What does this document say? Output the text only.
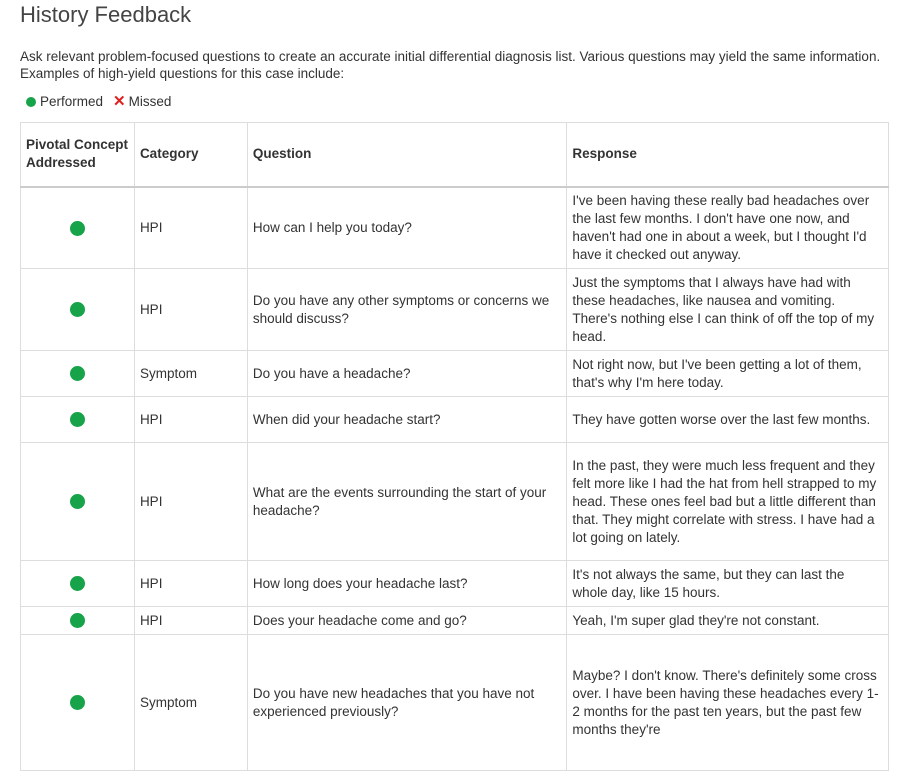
History Feedback

Ask relevant problem-focused questions to create an accurate initial differential diagnosis list. Various questions may yield the same information. Examples of high-yield questions for this case include:

Performed ✕ Missed
Pivotal Concept Addressed	Category	Question	Response
	HPI	How can I help you today?	I've been having these really bad headaches over the last few months. I don't have one now, and haven't had one in about a week, but I thought I'd have it checked out anyway.
	HPI	Do you have any other symptoms or concerns we should discuss?	Just the symptoms that I always have had with these headaches, like nausea and vomiting. There's nothing else I can think of off the top of my head.
	Symptom	Do you have a headache?	Not right now, but I've been getting a lot of them, that's why I'm here today.
	HPI	When did your headache start?	They have gotten worse over the last few months.
	HPI	What are the events surrounding the start of your headache?	In the past, they were much less frequent and they felt more like I had the hat from hell strapped to my head. These ones feel bad but a little different than that. They might correlate with stress. I have had a lot going on lately.
	HPI	How long does your headache last?	It's not always the same, but they can last the whole day, like 15 hours.
	HPI	Does your headache come and go?	Yeah, I'm super glad they're not constant.
	Symptom	Do you have new headaches that you have not experienced previously?	Maybe? I don't know. There's definitely some cross over. I have been having these headaches every 1-2 months for the past ten years, but the past few months they're
